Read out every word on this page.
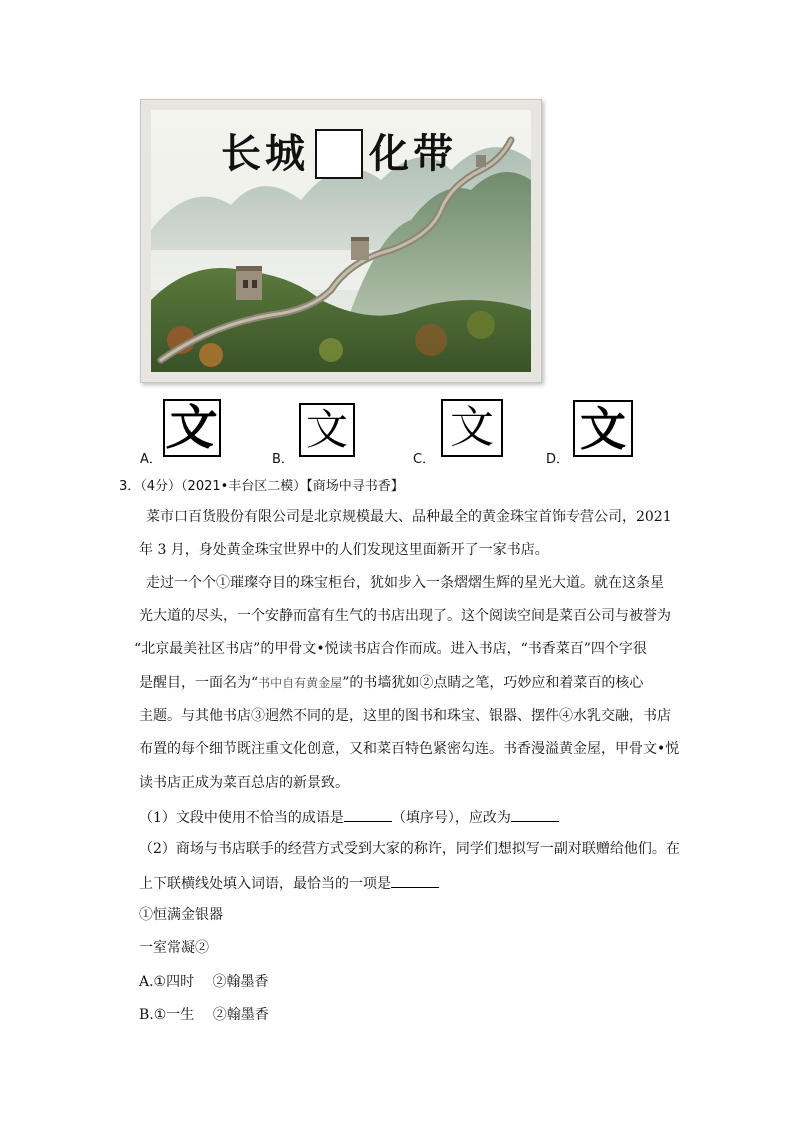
长城 化带
A．
文
B．
文
C．
文
D．
文
3．（4分）（2021•丰台区二模）【商场中寻书香】
菜市口百货股份有限公司是北京规模最大、品种最全的黄金珠宝首饰专营公司，2021
年 3 月，身处黄金珠宝世界中的人们发现这里面新开了一家书店。
走过一个个①璀璨夺目的珠宝柜台，犹如步入一条熠熠生辉的星光大道。就在这条星
光大道的尽头，一个安静而富有生气的书店出现了。这个阅读空间是菜百公司与被誉为
“北京最美社区书店”的甲骨文•悦读书店合作而成。进入书店，“书香菜百”四个字很
是醒目，一面名为“书中自有黄金屋”的书墙犹如②点睛之笔，巧妙应和着菜百的核心
主题。与其他书店③迥然不同的是，这里的图书和珠宝、银器、摆件④水乳交融，书店
布置的每个细节既注重文化创意，又和菜百特色紧密勾连。书香漫溢黄金屋，甲骨文•悦
读书店正成为菜百总店的新景致。
（1）文段中使用不恰当的成语是	（填序号），应改为
（2）商场与书店联手的经营方式受到大家的称许，同学们想拟写一副对联赠给他们。在
上下联横线处填入词语，最恰当的一项是
①恒满金银器
一室常凝②
A.①四时　 ②翰墨香
B.①一生　 ②翰墨香
